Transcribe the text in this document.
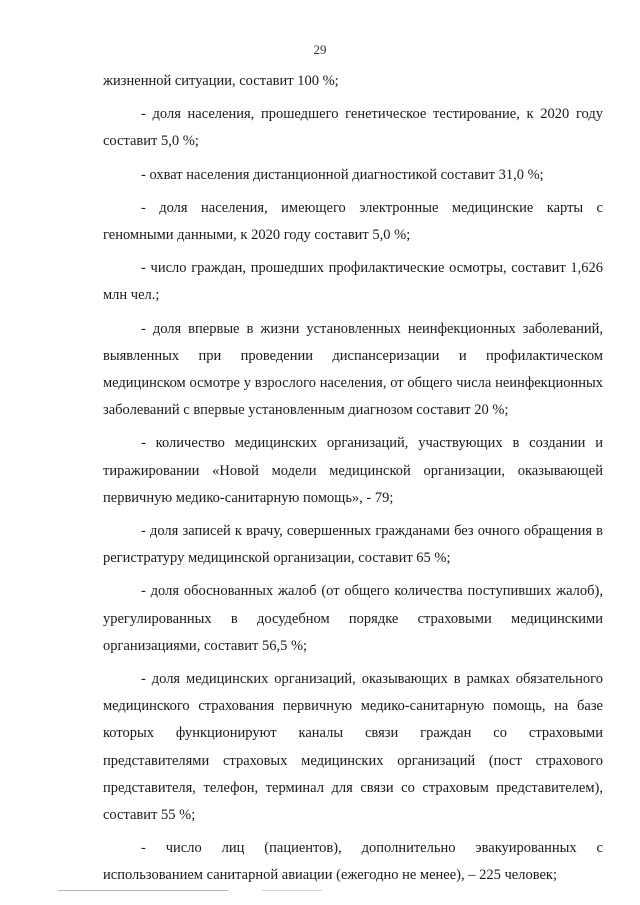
29

жизненной ситуации, составит 100 %;

- доля населения, прошедшего генетическое тестирование, к 2020 году составит 5,0 %;

- охват населения дистанционной диагностикой составит 31,0 %;

- доля населения, имеющего электронные медицинские карты с геномными данными, к 2020 году составит 5,0 %;

- число граждан, прошедших профилактические осмотры, составит 1,626 млн чел.;

- доля впервые в жизни установленных неинфекционных заболеваний, выявленных при проведении диспансеризации и профилактическом медицинском осмотре у взрослого населения, от общего числа неинфекционных заболеваний с впервые установленным диагнозом составит 20 %;

- количество медицинских организаций, участвующих в создании и тиражировании «Новой модели медицинской организации, оказывающей первичную медико-санитарную помощь», - 79;

- доля записей к врачу, совершенных гражданами без очного обращения в регистратуру медицинской организации, составит 65 %;

- доля обоснованных жалоб (от общего количества поступивших жалоб), урегулированных в досудебном порядке страховыми медицинскими организациями, составит 56,5 %;

- доля медицинских организаций, оказывающих в рамках обязательного медицинского страхования первичную медико-санитарную помощь, на базе которых функционируют каналы связи граждан со страховыми представителями страховых медицинских организаций (пост страхового представителя, телефон, терминал для связи со страховым представителем), составит 55 %;

- число лиц (пациентов), дополнительно эвакуированных с использованием санитарной авиации (ежегодно не менее), – 225 человек;
